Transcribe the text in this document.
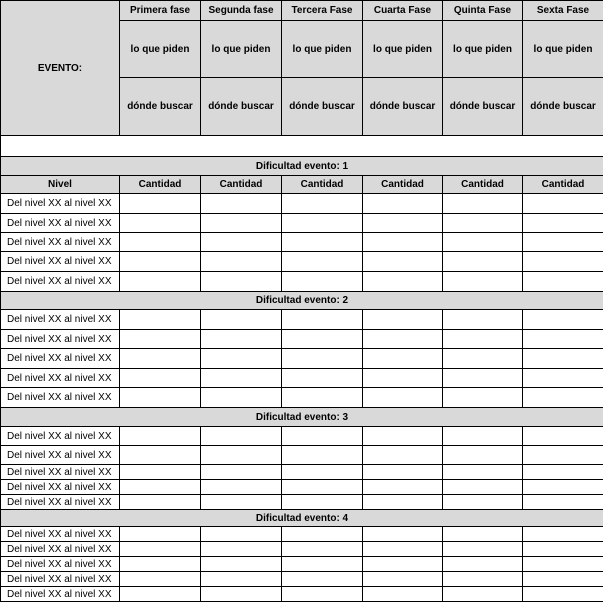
EVENTO:	Primera fase	Segunda fase	Tercera Fase	Cuarta Fase	Quinta Fase	Sexta Fase
	lo que piden	lo que piden	lo que piden	lo que piden	lo que piden	lo que piden
	dónde buscar	dónde buscar	dónde buscar	dónde buscar	dónde buscar	dónde buscar

Dificultad evento: 1						
Nivel	Cantidad	Cantidad	Cantidad	Cantidad	Cantidad	Cantidad
Del nivel XX al nivel XX						
Del nivel XX al nivel XX						
Del nivel XX al nivel XX						
Del nivel XX al nivel XX						
Del nivel XX al nivel XX						
Dificultad evento: 2						
Del nivel XX al nivel XX						
Del nivel XX al nivel XX						
Del nivel XX al nivel XX						
Del nivel XX al nivel XX						
Del nivel XX al nivel XX						
Dificultad evento: 3						
Del nivel XX al nivel XX						
Del nivel XX al nivel XX						
Del nivel XX al nivel XX						
Del nivel XX al nivel XX						
Del nivel XX al nivel XX						
Dificultad evento: 4						
Del nivel XX al nivel XX						
Del nivel XX al nivel XX						
Del nivel XX al nivel XX						
Del nivel XX al nivel XX						
Del nivel XX al nivel XX						
